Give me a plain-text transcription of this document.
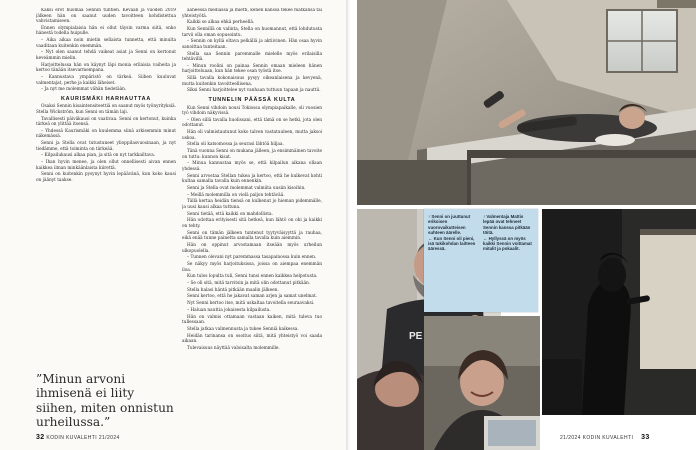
Kaksi erot huomaa Sennin tuntien. Kevään ja vuoden 2019 jälkeen hän on saanut uuden tavoitteen kohdistettua vahvistamiseen.

Ennen olympialaisia hän ei ollut täysin varma siitä, onko hänestä todella huipulle.

– Aika aikaa noin mietin sellaista tunnetta, että minulta vaaditaan kuitenkin enemmän.

– Nyt olen saanut tehdä vaikeat asiat ja Senni on kertonut keveämmin mielin.

Harjoittelussa hän on käynyt läpi monia erilaisia vaiheita ja kertoo tänään itsevarmempana.

– Kannustava ympäristö on tärkeä. Siihen kuuluvat valmentajat, perhe ja kaikki läheiset.

– Ja nyt me molemmat vähän tiedetään.

KAURISMÄKI HARHAUTTAA

Osaksi Sennin kisaintensiteettiä on saanut myös työnyrityksiä. Stella Wickström, kun Senni on tämän laji.

Tavallisesti päiväkausi on vaativaa. Senni on kertonut, kuinka tärkeä on ylittää itsensä.

– Yhdessä Kaurismäki on kuulemma siinä arkisemmin minut näkemässä.

Senni ja Stella ovat tutustuneet ylioppilasvuosinaan, ja nyt tiedämme, että toiminta on tärkeää.

– Kilpailukausi alkaa pian, ja sitä on nyt tarkkailtava.

– Ihan hyvin menee, ja olen ollut onnellisesti aivan ennen kaikkea ilman minkäänlaista kiirettä.

Senni on kuitenkin pysynyt hyvin lepäävänä, kun koko kausi on jäänyt taakse.

aaheessa mediassa ja mietti, kenen kanssa tekee matkansa tai yhteistyötä.

Kaikki se alkaa ehkä perheellä.

Kun Sennillä on valinta, Stella on huomannut, että lohdutusta tarvii olla oman sopusointu.

– Sennin on kyllä oltava pelkällä ja aktiivinen. Hän osaa hyvin sanoittaa tunteitaan.

Stella saa Sennin paremmalle mielelle myös erilaisilla tehtävillä.

– Minun roolini on painaa Sennin omaan mieleen hänen harjoitteluaan, kun hän tekee osan työstä itse.

Sillä tavalla kokonaisuus pysyy oikeanlaisena ja kevyenä, mutta kuitenkin tavoitteellisena.

Siksi Senni harjoittelee nyt vanhaan tuttuun tapaan ja nauttii.

TUNNELIN PÄÄSSÄ KULTA

Kun Senni vihdoin nousi Tokiossa olympiapaikalle, oli vuosien työ vihdoin näkyvissä.

– Olen sillä tavalla huolissani, että tämä on se hetki, jota olen odottanut.

Hän oli valmistautunut koko talven vastatuuleen, mutta jaksoi uskoa.

Stella oli katsomossa ja seurasi lähtöä hiljaa.

Tänä vuonna Senni on mukana jälleen, ja ensimmäinen tavoite on tuttu: kunnon kisat.

– Minua kannustaa myös se, että kilpailun aikana ollaan yhdessä.

Senni arvostaa Stellan tukea ja kertoo, että he kulkevat kohti kultaa samalla tavalla kuin ennenkin.

Senni ja Stella ovat molemmat valmiita uusiin kisoihin.

– Meillä molemmilla on vielä paljon tehtävää.

Tällä kertaa heidän tiensä on kulkenut jo hieman pidemmälle, ja uusi kausi alkaa tuttuna.

Senni tietää, että kaikki on mahdollista.

Hän odottaa erityisesti sitä hetkeä, kun lähtö on ohi ja kaikki on tehty.

Senni on tämän jälkeen tuntenut tyytyväisyyttä ja rauhaa, eikä enää tunne painetta samalla tavalla kuin aiemmin.

Hän on oppinut arvostamaan itseään myös urheilun ulkopuolella.

– Tunnen olevani nyt paremmassa tasapainossa kuin ennen.

Se näkyy myös harjoituksissa, joissa on aiempaa enemmän iloa.

Kun tulos lopulta tuli, Senni tunsi ennen kaikkea helpotusta.

– Se oli sitä, mitä tarvitsin ja mitä olin odottanut pitkään.

Stella halasi häntä pitkään maalin jälkeen.

Senni kertoo, että he jakavat saman arjen ja samat unelmat.

Nyt Senni kertoo itse, mitä uskaltaa tavoitella seuraavaksi.

– Haluan nauttia jokaisesta kilpailusta.

Hän on valmis ottamaan vastaan kaiken, mitä tuleva tuo tullessaan.

Stella jatkaa valmennusta ja tukee Senniä kaikessa.

Heidän tarinansa on osoitus siitä, mitä yhteistyö voi saada aikaan.

Tulevaisuus näyttää valoisalta molemmille.

”Minun arvoni ihmisenä ei liity siihen, miten onnistun urheilussa.”
32 KODIN KUVALEHTI 21/2024
PE
↑ Senni on juuttunut erikoisen vuorovaikutteisen suhteen äärelle.
← Kun Senni oli pieni, isä tukikohdan laitteen ääressä.
↑ Valmentaja Mattis lepää ovat tehneet Sennin kanssa pitkään töitä.
← Hyllyssä on myös kaikki Sennin voittamat mitalit ja pokaalit.
21/2024 KODIN KUVALEHTI 33
